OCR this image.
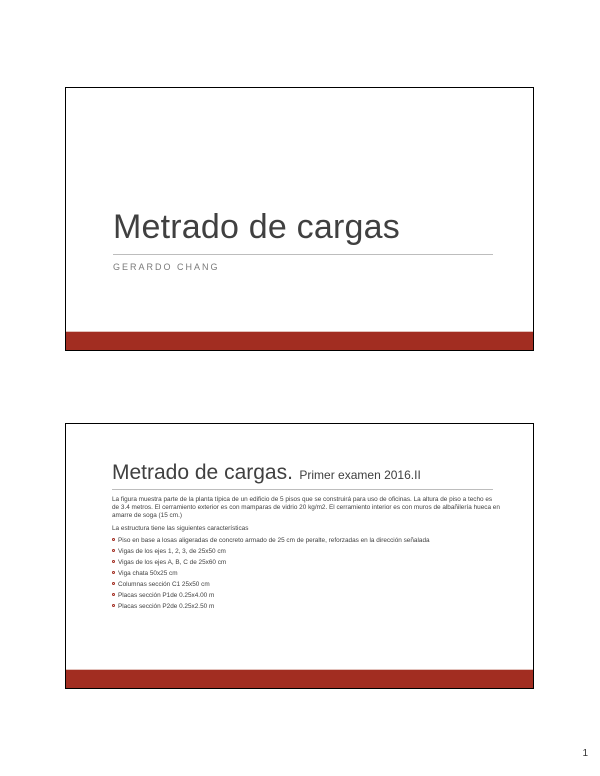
Metrado de cargas
GERARDO CHANG
Metrado de cargas. Primer examen 2016.II

La figura muestra parte de la planta típica de un edificio de 5 pisos que se construirá para uso de oficinas. La altura de piso a techo es de 3.4 metros. El cerramiento exterior es con mamparas de vidrio 20 kg/m2. El cerramiento interior es con muros de albañilería hueca en amarre de soga (15 cm.)

La estructura tiene las siguientes características

Piso en base a losas aligeradas de concreto armado de 25 cm de peralte, reforzadas en la dirección señalada
Vigas de los ejes 1, 2, 3, de 25x50 cm
Vigas de los ejes A, B, C de 25x60 cm
Viga chata 50x25 cm
Columnas sección C1 25x50 cm
Placas sección P1de 0.25x4.00 m
Placas sección P2de 0.25x2.50 m
1
